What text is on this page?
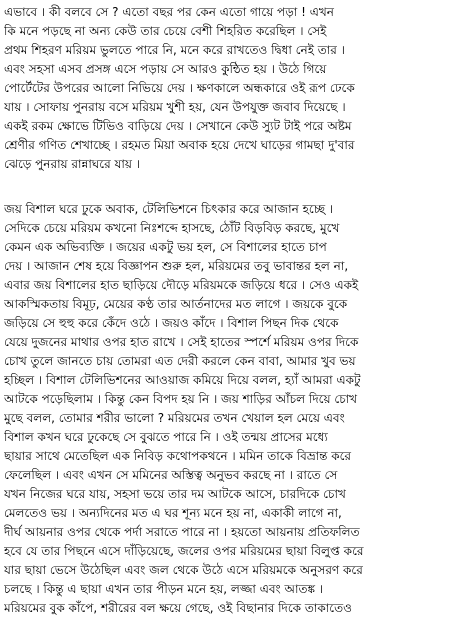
এভাবে । কী বলবে সে ? এতো বছর পর কেন এতো গায়ে পড়া ! এখন
কি মনে পড়ছে না অন্য কেউ তার চেয়ে বেশী শিহরিত করেছিল । সেই
প্রথম শিহরণ মরিয়ম ভুলতে পারে নি, মনে করে রাখতেও দ্বিধা নেই তার ।
এবং সহসা এসব প্রসঙ্গ এসে পড়ায় সে আরও কুন্ঠিত হয় । উঠে গিয়ে
পোর্টেটের উপরের আলো নিভিয়ে দেয় । ক্ষণকালে অন্ধকারে ওই রূপ ঢেকে
যায় । সোফায় পুনরায় বসে মরিয়ম খুশী হয়, যেন উপযুক্ত জবাব দিয়েছে ।
একই রকম ক্ষোভে টিভিও বাড়িয়ে দেয় । সেখানে কেউ স্যুট টাই পরে অষ্টম
শ্রেণীর গণিত শেখাচ্ছে । রহমত মিয়া অবাক হয়ে দেখে ঘাড়ের গামছা দু'বার
ঝেড়ে পুনরায় রান্নাঘরে যায় ।
জয় বিশাল ঘরে ঢুকে অবাক, টেলিভিশনে চিৎকার করে আজান হচ্ছে ।
সেদিকে চেয়ে মরিয়ম কখনো নিঃশব্দে হাসছে, ঠোঁট বিড়বিড় করছে, মুখে
কেমন এক অভিব্যক্তি । জয়ের একটু ভয় হল, সে বিশালের হাতে চাপ
দেয় । আজান শেষ হয়ে বিজ্ঞাপন শুরু হল, মরিয়মের তবু ভাবান্তর হল না,
এবার জয় বিশালের হাত ছাড়িয়ে দৌড়ে মরিয়মকে জড়িয়ে ধরে । সেও একই
আকস্মিকতায় বিমূঢ়, মেয়ের কণ্ঠ তার আর্তনাদের মত লাগে । জয়কে বুকে
জড়িয়ে সে হুহু করে কেঁদে ওঠে । জয়ও কাঁদে । বিশাল পিছন দিক থেকে
যেয়ে দুজনের মাথার ওপর হাত রাখে । সেই হাতের স্পর্শে মরিয়ম ওপর দিকে
চোখ তুলে জানতে চায় তোমরা এত দেরী করলে কেন বাবা, আমার খুব ভয়
হচ্ছিল । বিশাল টেলিভিশনের আওয়াজ কমিয়ে দিয়ে বলল, হ্যাঁ আমরা একটু
আটকে পড়েছিলাম । কিন্তু কেন বিপদ হয় নি । জয় শাড়ির আঁচল দিয়ে চোখ
মুছে বলল, তোমার শরীর ভালো ? মরিয়মের তখন খেয়াল হল মেয়ে এবং
বিশাল কখন ঘরে ঢুকেছে সে বুঝতে পারে নি । ওই তন্ময় প্রাসের মধ্যে
ছায়ার সাথে মেতেছিল এক নিবিড় কথোপকথনে । মমিন তাকে বিভ্রান্ত করে
ফেলেছিল । এবং এখন সে মমিনের অস্তিত্ব অনুভব করছে না । রাতে সে
যখন নিজের ঘরে যায়, সহসা ভয়ে তার দম আটকে আসে, চারদিকে চোখ
মেলতেও ভয় । অন্যদিনের মত এ ঘর শূন্য মনে হয় না, একাকী লাগে না,
দীর্ঘ আয়নার ওপর থেকে পর্দা সরাতে পারে না । হয়তো আয়নায় প্রতিফলিত
হবে যে তার পিছনে এসে দাঁড়িয়েছে, জলের ওপর মরিয়মের ছায়া বিলুপ্ত করে
যার ছায়া ভেসে উঠেছিল এবং জল থেকে উঠে এসে মরিয়মকে অনুসরণ করে
চলছে । কিন্তু এ ছায়া এখন তার পীড়ন মনে হয়, লজ্জা এবং আতঙ্ক ।
মরিয়মের বুক কাঁপে, শরীরের বল ক্ষয়ে গেছে, ওই বিছানার দিকে তাকাতেও
